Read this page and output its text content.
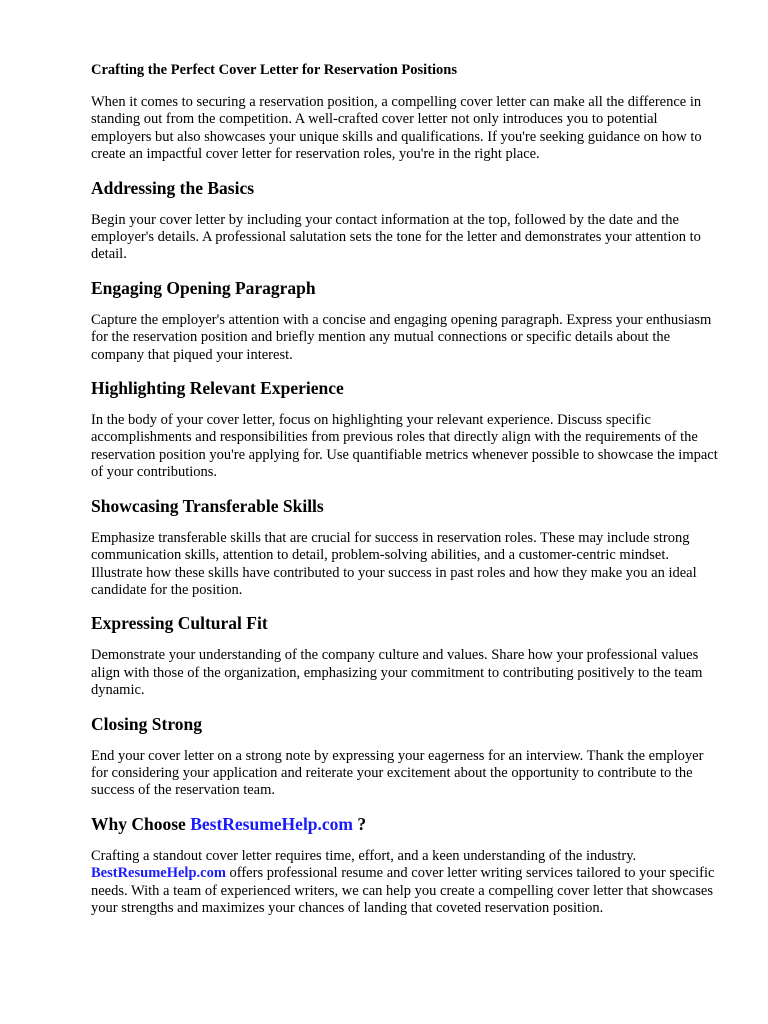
Crafting the Perfect Cover Letter for Reservation Positions

When it comes to securing a reservation position, a compelling cover letter can make all the difference in standing out from the competition. A well-crafted cover letter not only introduces you to potential employers but also showcases your unique skills and qualifications. If you're seeking guidance on how to create an impactful cover letter for reservation roles, you're in the right place.

Addressing the Basics

Begin your cover letter by including your contact information at the top, followed by the date and the employer's details. A professional salutation sets the tone for the letter and demonstrates your attention to detail.

Engaging Opening Paragraph

Capture the employer's attention with a concise and engaging opening paragraph. Express your enthusiasm for the reservation position and briefly mention any mutual connections or specific details about the company that piqued your interest.

Highlighting Relevant Experience

In the body of your cover letter, focus on highlighting your relevant experience. Discuss specific accomplishments and responsibilities from previous roles that directly align with the requirements of the reservation position you're applying for. Use quantifiable metrics whenever possible to showcase the impact of your contributions.

Showcasing Transferable Skills

Emphasize transferable skills that are crucial for success in reservation roles. These may include strong communication skills, attention to detail, problem-solving abilities, and a customer-centric mindset. Illustrate how these skills have contributed to your success in past roles and how they make you an ideal candidate for the position.

Expressing Cultural Fit

Demonstrate your understanding of the company culture and values. Share how your professional values align with those of the organization, emphasizing your commitment to contributing positively to the team dynamic.

Closing Strong

End your cover letter on a strong note by expressing your eagerness for an interview. Thank the employer for considering your application and reiterate your excitement about the opportunity to contribute to the success of the reservation team.

Why Choose BestResumeHelp.com ?

Crafting a standout cover letter requires time, effort, and a keen understanding of the industry.
BestResumeHelp.com offers professional resume and cover letter writing services tailored to your specific needs. With a team of experienced writers, we can help you create a compelling cover letter that showcases your strengths and maximizes your chances of landing that coveted reservation position.
